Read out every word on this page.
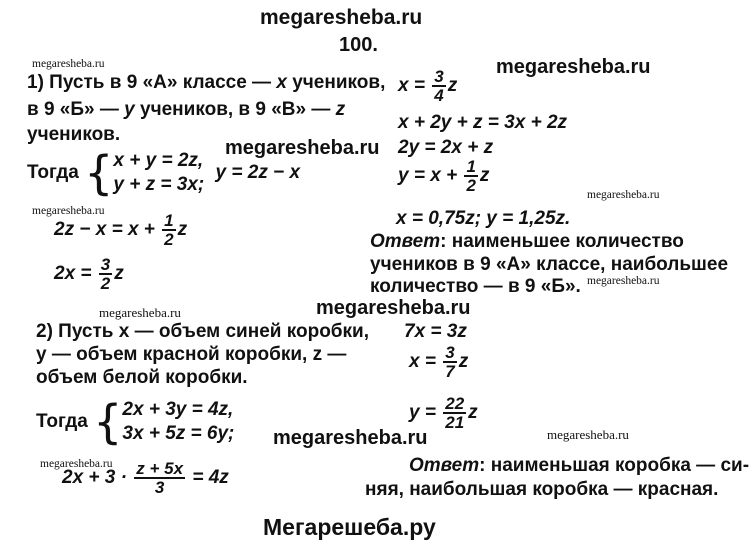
megaresheba.ru
megaresheba.ru
megaresheba.ru
megaresheba.ru
megaresheba.ru
megaresheba.ru
megaresheba.ru
megaresheba.ru
megaresheba.ru
megaresheba.ru
megaresheba.ru
megaresheba.ru
Мегарешеба.ру
100.
1) Пусть в 9 «А» классе — x учеников,
в 9 «Б» — y учеников, в 9 «В» — z
учеников.
Тогда {x + y = 2z,
y + z = 3x; y = 2z − x
$2z - x = x + \frac{1}{2}$ z
$2x = \frac{3}{2}$ z
$x = \frac{3}{4}$ z
x + 2y + z = 3x + 2z
2y = 2x + z
$y = x + \frac{1}{2}$ z
x = 0,75z; y = 1,25z.
Ответ: наименьшее количество
учеников в 9 «А» классе, наибольшее
количество — в 9 «Б».
2) Пусть x — объем синей коробки,
y — объем красной коробки, z —
объем белой коробки.
Тогда {2x + 3y = 4z,
3x + 5z = 6y;
$2x + 3 \cdot \frac{z + 5x}{3} = 4z$
7x = 3z
$x = \frac{3}{7}$ z
$y = \frac{22}{21}$ z
Ответ: наименьшая коробка — си-
няя, наибольшая коробка — красная.
